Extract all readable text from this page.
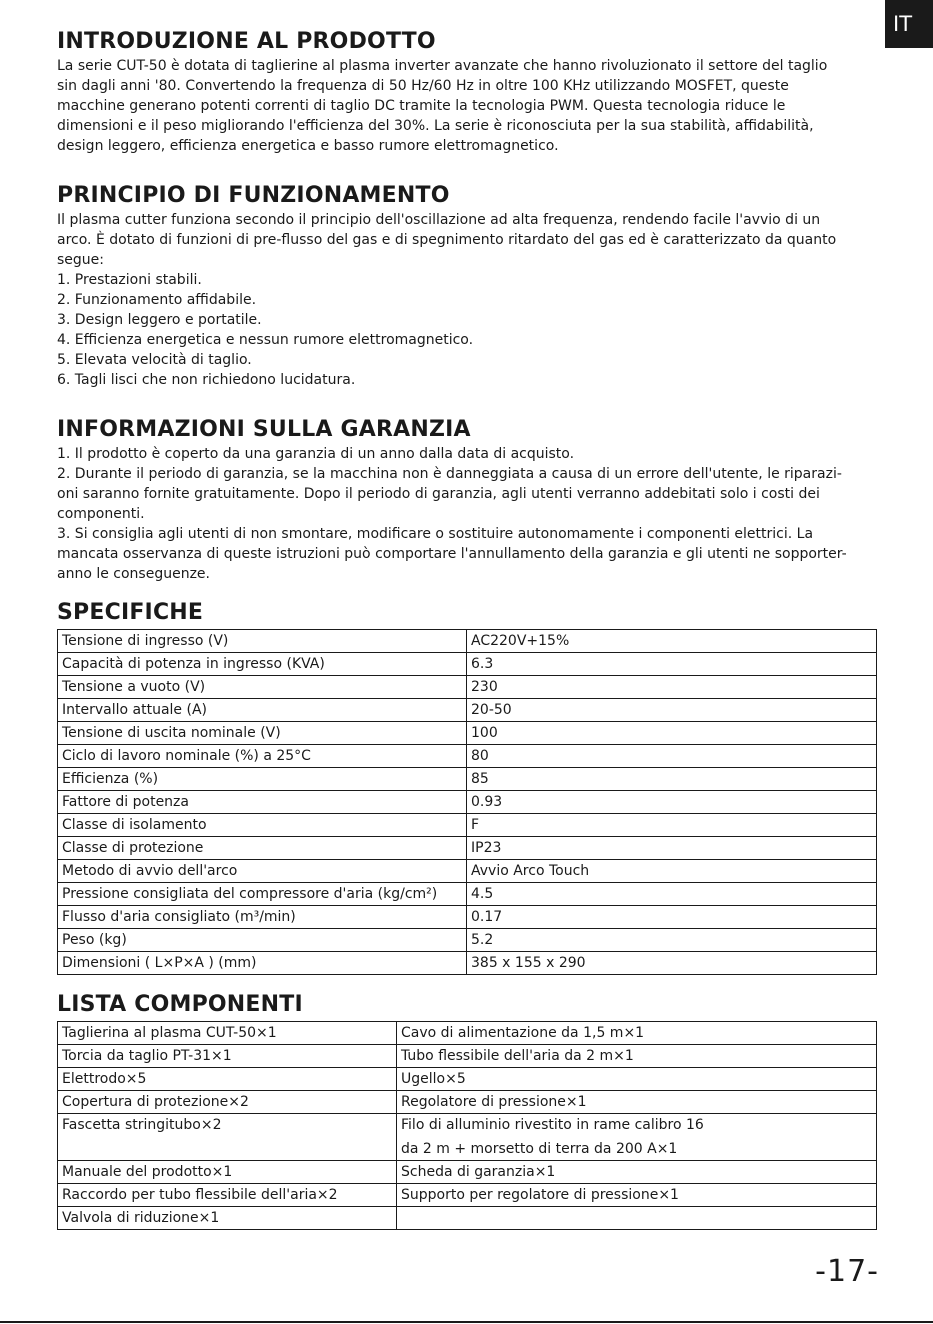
IT
INTRODUZIONE AL PRODOTTO

La serie CUT-50 è dotata di taglierine al plasma inverter avanzate che hanno rivoluzionato il settore del taglio

sin dagli anni '80. Convertendo la frequenza di 50 Hz/60 Hz in oltre 100 KHz utilizzando MOSFET, queste

macchine generano potenti correnti di taglio DC tramite la tecnologia PWM. Questa tecnologia riduce le

dimensioni e il peso migliorando l'efficienza del 30%. La serie è riconosciuta per la sua stabilità, affidabilità,

design leggero, efficienza energetica e basso rumore elettromagnetico.

PRINCIPIO DI FUNZIONAMENTO

Il plasma cutter funziona secondo il principio dell'oscillazione ad alta frequenza, rendendo facile l'avvio di un

arco. È dotato di funzioni di pre-flusso del gas e di spegnimento ritardato del gas ed è caratterizzato da quanto

segue:

1. Prestazioni stabili.

2. Funzionamento affidabile.

3. Design leggero e portatile.

4. Efficienza energetica e nessun rumore elettromagnetico.

5. Elevata velocità di taglio.

6. Tagli lisci che non richiedono lucidatura.

INFORMAZIONI SULLA GARANZIA

1. Il prodotto è coperto da una garanzia di un anno dalla data di acquisto.

2. Durante il periodo di garanzia, se la macchina non è danneggiata a causa di un errore dell'utente, le riparazi-

oni saranno fornite gratuitamente. Dopo il periodo di garanzia, agli utenti verranno addebitati solo i costi dei

componenti.

3. Si consiglia agli utenti di non smontare, modificare o sostituire autonomamente i componenti elettrici. La

mancata osservanza di queste istruzioni può comportare l'annullamento della garanzia e gli utenti ne sopporter-

anno le conseguenze.

SPECIFICHE
Tensione di ingresso (V)	AC220V+15%
Capacità di potenza in ingresso (KVA)	6.3
Tensione a vuoto (V)	230
Intervallo attuale (A)	20-50
Tensione di uscita nominale (V)	100
Ciclo di lavoro nominale (%) a 25°C	80
Efficienza (%)	85
Fattore di potenza	0.93
Classe di isolamento	F
Classe di protezione	IP23
Metodo di avvio dell'arco	Avvio Arco Touch
Pressione consigliata del compressore d'aria (kg/cm²)	4.5
Flusso d'aria consigliato (m³/min)	0.17
Peso (kg)	5.2
Dimensioni ( L×P×A ) (mm)	385 x 155 x 290
LISTA COMPONENTI
Taglierina al plasma CUT-50×1	Cavo di alimentazione da 1,5 m×1
Torcia da taglio PT-31×1	Tubo flessibile dell'aria da 2 m×1
Elettrodo×5	Ugello×5
Copertura di protezione×2	Regolatore di pressione×1
Fascetta stringitubo×2	Filo di alluminio rivestito in rame calibro 16
da 2 m + morsetto di terra da 200 A×1

Manuale del prodotto×1	Scheda di garanzia×1
Raccordo per tubo flessibile dell'aria×2	Supporto per regolatore di pressione×1
Valvola di riduzione×1	
-17-
